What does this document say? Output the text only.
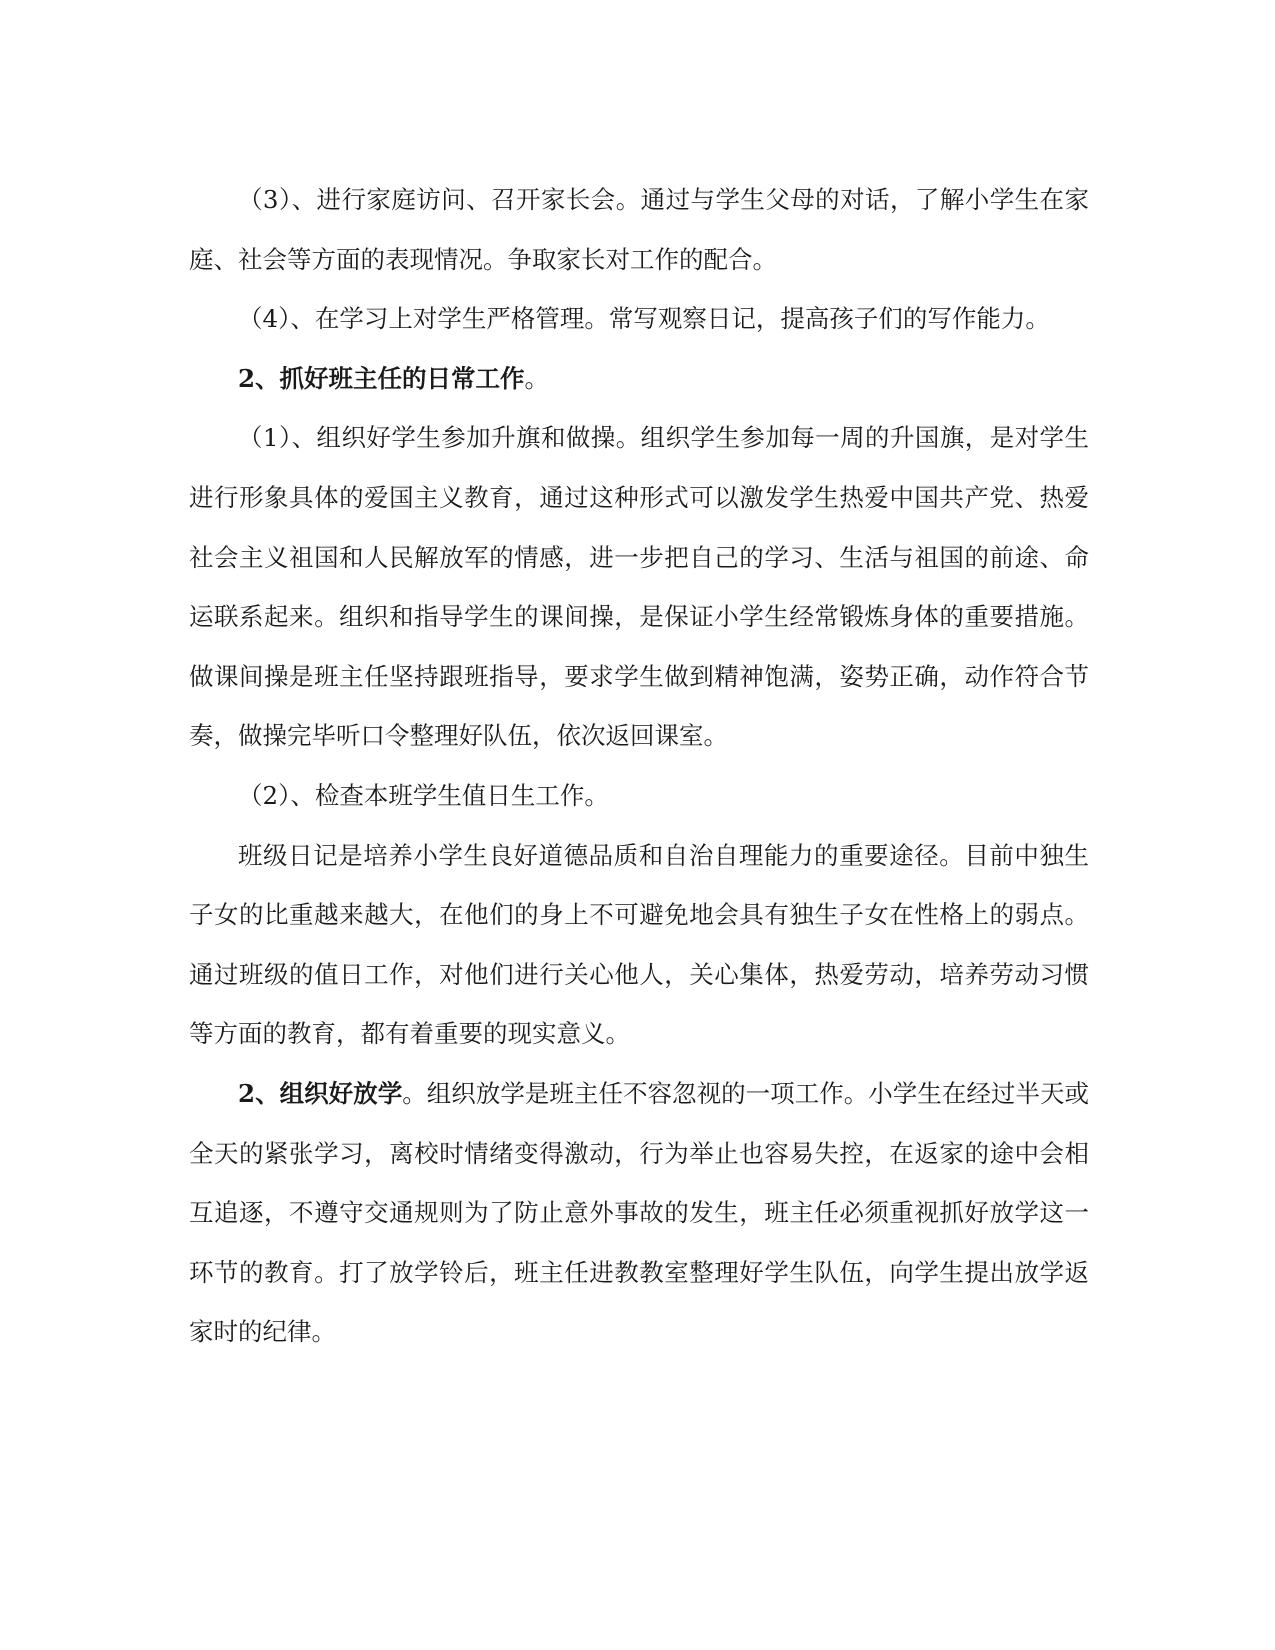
（3）、进行家庭访问、召开家长会。通过与学生父母的对话，了解小学生在家庭、社会等方面的表现情况。争取家长对工作的配合。

（4）、在学习上对学生严格管理。常写观察日记，提高孩子们的写作能力。

2、抓好班主任的日常工作。

（1）、组织好学生参加升旗和做操。组织学生参加每一周的升国旗，是对学生进行形象具体的爱国主义教育，通过这种形式可以激发学生热爱中国共产党、热爱社会主义祖国和人民解放军的情感，进一步把自己的学习、生活与祖国的前途、命运联系起来。组织和指导学生的课间操，是保证小学生经常锻炼身体的重要措施。做课间操是班主任坚持跟班指导，要求学生做到精神饱满，姿势正确，动作符合节奏，做操完毕听口令整理好队伍，依次返回课室。

（2）、检查本班学生值日生工作。

班级日记是培养小学生良好道德品质和自治自理能力的重要途径。目前中独生子女的比重越来越大，在他们的身上不可避免地会具有独生子女在性格上的弱点。通过班级的值日工作，对他们进行关心他人，关心集体，热爱劳动，培养劳动习惯等方面的教育，都有着重要的现实意义。

2、组织好放学。组织放学是班主任不容忽视的一项工作。小学生在经过半天或全天的紧张学习，离校时情绪变得激动，行为举止也容易失控，在返家的途中会相互追逐，不遵守交通规则为了防止意外事故的发生，班主任必须重视抓好放学这一环节的教育。打了放学铃后，班主任进教教室整理好学生队伍，向学生提出放学返家时的纪律。
